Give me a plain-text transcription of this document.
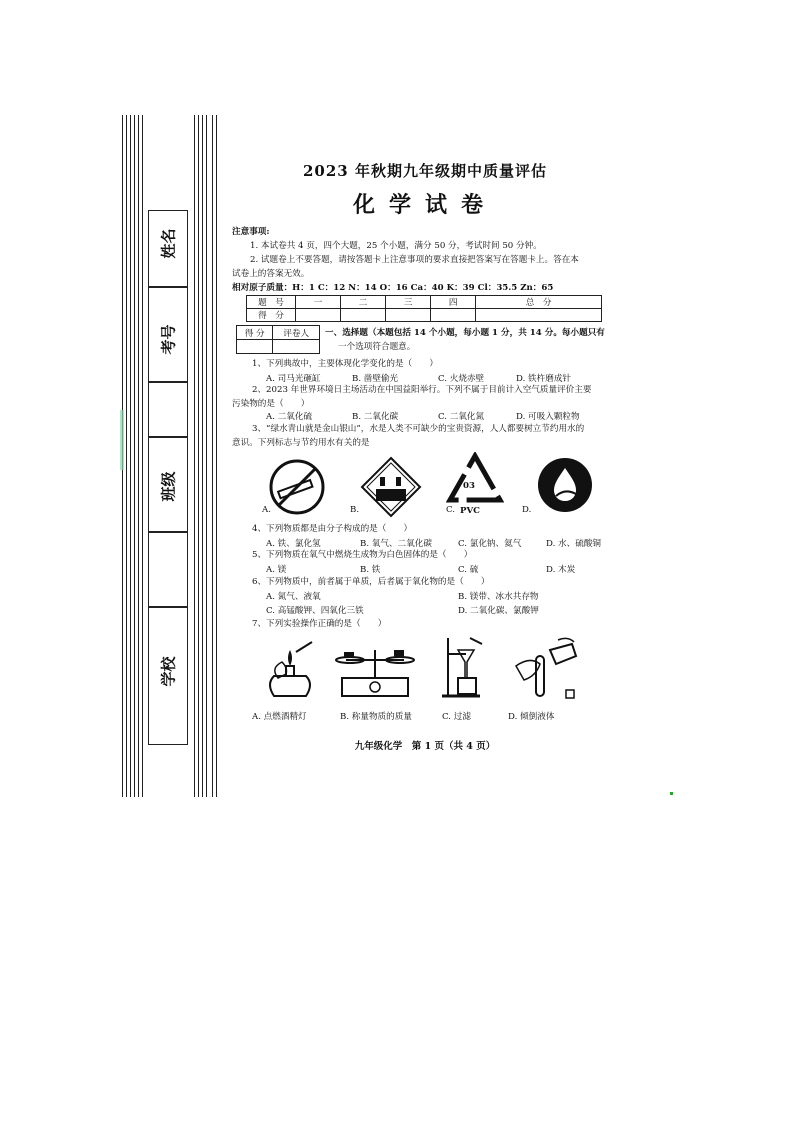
姓名
考号
班级
学校
2023 年秋期九年级期中质量评估
化学试卷
注意事项:
1. 本试卷共 4 页，四个大题，25 个小题，满分 50 分，考试时间 50 分钟。
2. 试题卷上不要答题，请按答题卡上注意事项的要求直接把答案写在答题卡上。答在本
试卷上的答案无效。
相对原子质量：H：1 C：12 N：14 O：16 Ca：40 K：39 Cl：35.5 Zn：65
题　号	一	二	三	四	总　分
得　分					
得 分	评卷人
	一、选择题（本题包括 14 个小题，每小题 1 分，共 14 分。每小题只有
一个选项符合题意。
1、下列典故中，主要体现化学变化的是（　　）
A. 司马光砸缸	B. 凿壁偷光	C. 火烧赤壁	D. 铁杵磨成针
2、2023 年世界环境日主场活动在中国益阳举行。下列不属于目前计入空气质量评价主要
污染物的是（　　）
A. 二氧化硫	B. 二氧化碳	C. 二氧化氮	D. 可吸入颗粒物
3、“绿水青山就是金山银山”，水是人类不可缺少的宝贵资源，人人都要树立节约用水的
意识。下列标志与节约用水有关的是
A.	B.
03
PVC
C.	D.
4、下列物质都是由分子构成的是（　　）
A. 铁、氯化氢	B. 氧气、二氧化碳	C. 氯化钠、氦气	D. 水、硫酸铜
5、下列物质在氧气中燃烧生成物为白色固体的是（　　）
A. 镁	B. 铁	C. 硫	D. 木炭
6、下列物质中，前者属于单质，后者属于氧化物的是（　　）
A. 氮气、液氧	B. 镁带、冰水共存物
C. 高锰酸钾、四氧化三铁	D. 二氧化碳、氯酸钾
7、下列实验操作正确的是（　　）
A. 点燃酒精灯	B. 称量物质的质量	C. 过滤	D. 倾倒液体
九年级化学　第 1 页（共 4 页）
